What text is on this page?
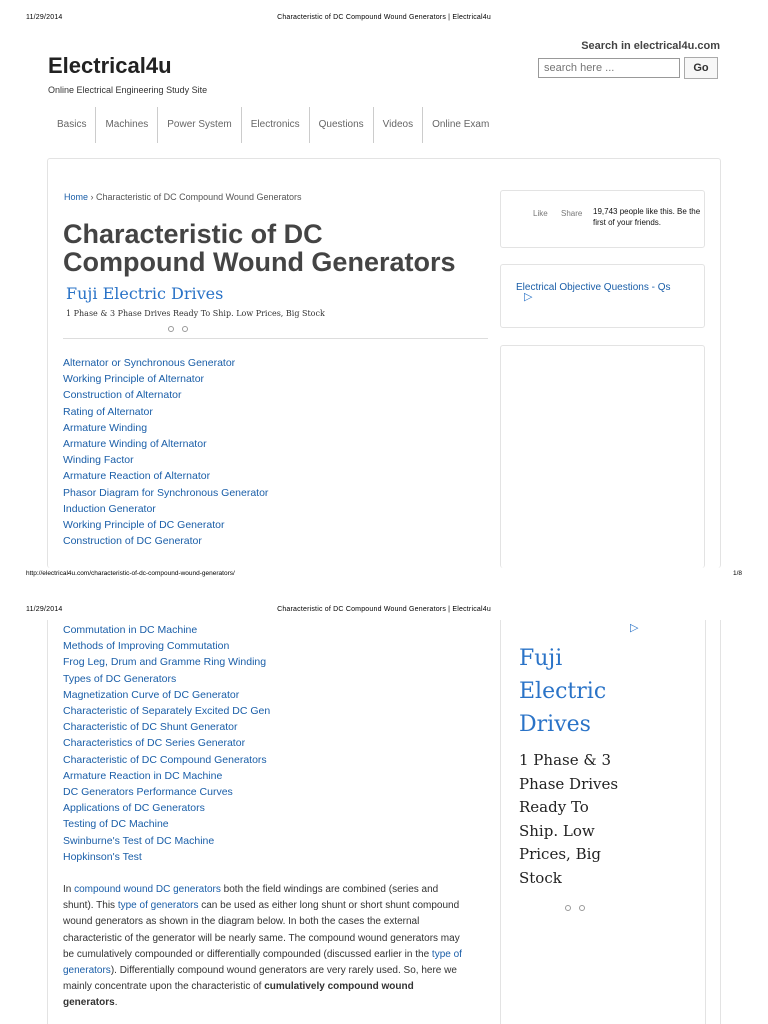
11/29/2014	Characteristic of DC Compound Wound Generators | Electrical4u
Electrical4u
Online Electrical Engineering Study Site
Search in electrical4u.com
search here ...
Go
Basics	Machines	Power System	Electronics	Questions	Videos	Online Exam
Home › Characteristic of DC Compound Wound Generators
Characteristic of DC
Compound Wound Generators
Fuji Electric Drives
1 Phase & 3 Phase Drives Ready To Ship. Low Prices, Big Stock
Alternator or Synchronous Generator
Working Principle of Alternator
Construction of Alternator
Rating of Alternator
Armature Winding
Armature Winding of Alternator
Winding Factor
Armature Reaction of Alternator
Phasor Diagram for Synchronous Generator
Induction Generator
Working Principle of DC Generator
Construction of DC Generator
Like Share 19,743 people like this. Be the first of your friends.
Electrical Objective Questions - Qs
▷
http://electrical4u.com/characteristic-of-dc-compound-wound-generators/	1/8
11/29/2014	Characteristic of DC Compound Wound Generators | Electrical4u
Commutation in DC Machine
Methods of Improving Commutation
Frog Leg, Drum and Gramme Ring Winding
Types of DC Generators
Magnetization Curve of DC Generator
Characteristic of Separately Excited DC Gen
Characteristic of DC Shunt Generator
Characteristics of DC Series Generator
Characteristic of DC Compound Generators
Armature Reaction in DC Machine
DC Generators Performance Curves
Applications of DC Generators
Testing of DC Machine
Swinburne's Test of DC Machine
Hopkinson's Test
▷
Fuji
Electric
Drives
1 Phase & 3
Phase Drives
Ready To
Ship. Low
Prices, Big
Stock
In compound wound DC generators both the field windings are combined (series and shunt). This type of generators can be used as either long shunt or short shunt compound wound generators as shown in the diagram below. In both the cases the external characteristic of the generator will be nearly same. The compound wound generators may be cumulatively compounded or differentially compounded (discussed earlier in the type of generators). Differentially compound wound generators are very rarely used. So, here we mainly concentrate upon the characteristic of cumulatively compound wound generators.
